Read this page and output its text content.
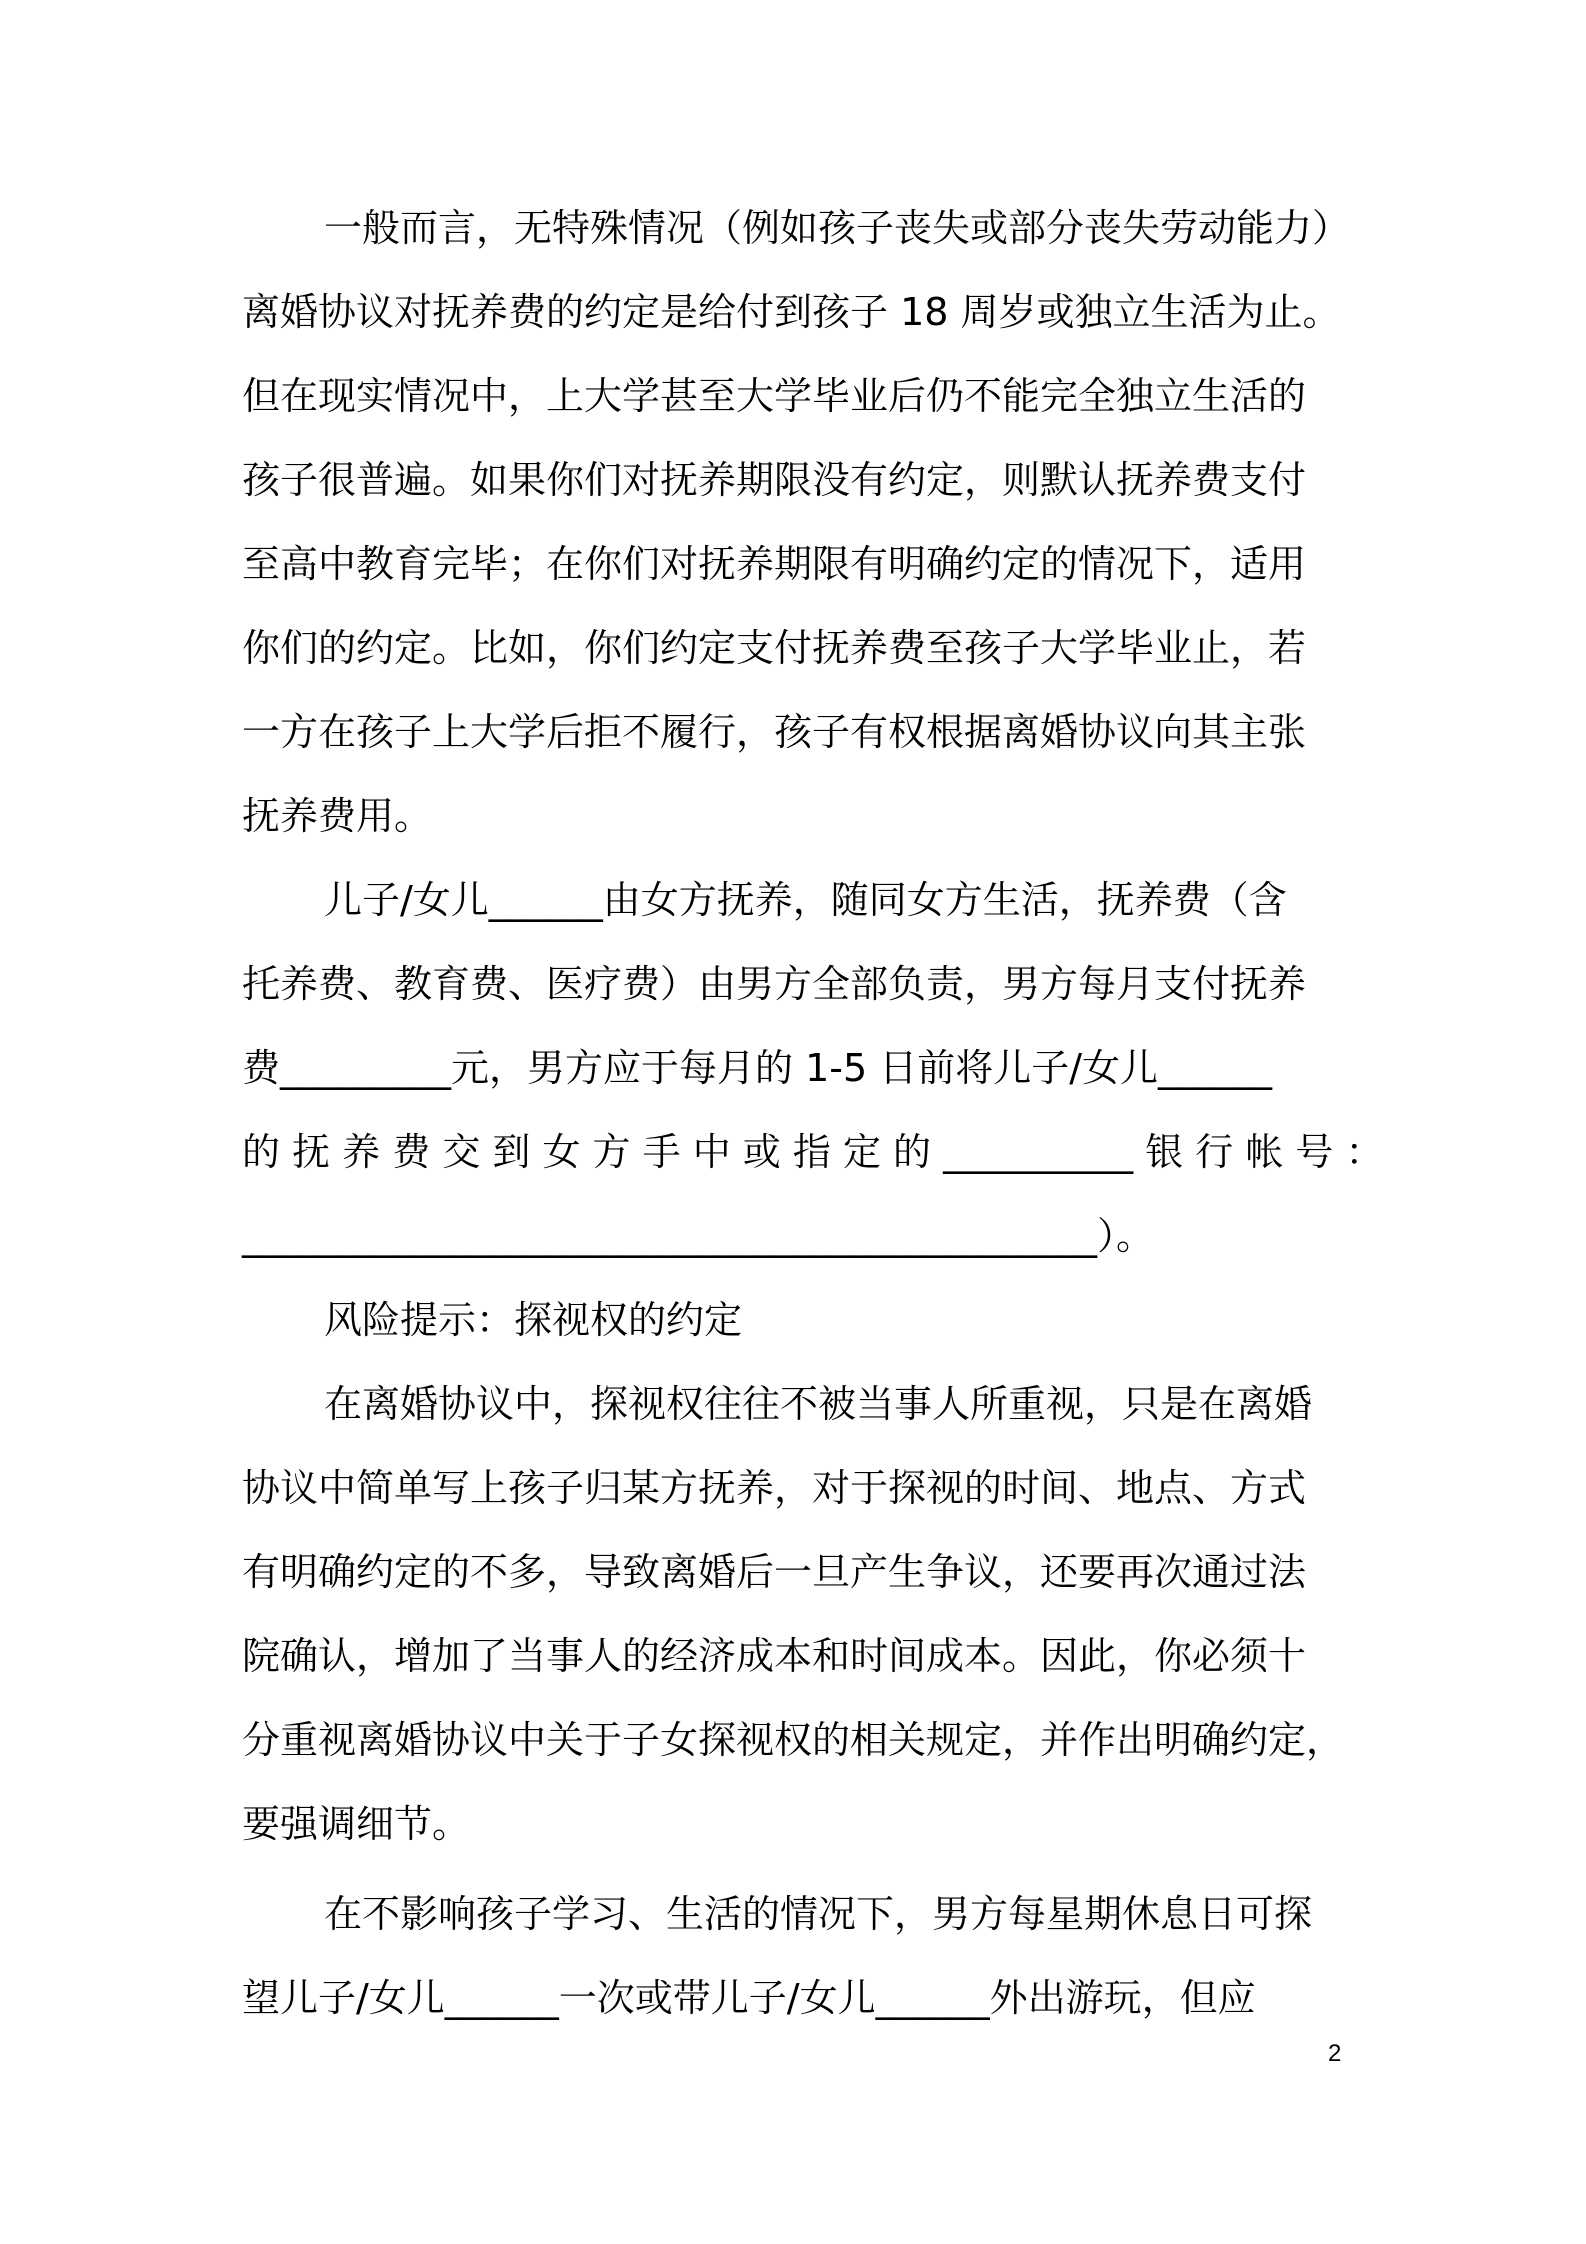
一般而言，无特殊情况（例如孩子丧失或部分丧失劳动能力）
离婚协议对抚养费的约定是给付到孩子 18 周岁或独立生活为止。
但在现实情况中，上大学甚至大学毕业后仍不能完全独立生活的
孩子很普遍。如果你们对抚养期限没有约定，则默认抚养费支付
至高中教育完毕；在你们对抚养期限有明确约定的情况下，适用
你们的约定。比如，你们约定支付抚养费至孩子大学毕业止，若
一方在孩子上大学后拒不履行，孩子有权根据离婚协议向其主张
抚养费用。
儿子/女儿______由女方抚养，随同女方生活，抚养费（含
托养费、教育费、医疗费）由男方全部负责，男方每月支付抚养
费_________元，男方应于每月的 1-5 日前将儿子/女儿______
的 抚 养 费 交 到 女 方 手 中 或 指 定 的 __________ 银 行 帐 号 ：
_____________________________________________）。
风险提示：探视权的约定
在离婚协议中，探视权往往不被当事人所重视，只是在离婚
协议中简单写上孩子归某方抚养，对于探视的时间、地点、方式
有明确约定的不多，导致离婚后一旦产生争议，还要再次通过法
院确认，增加了当事人的经济成本和时间成本。因此，你必须十
分重视离婚协议中关于子女探视权的相关规定，并作出明确约定，
要强调细节。
在不影响孩子学习、生活的情况下，男方每星期休息日可探
望儿子/女儿______一次或带儿子/女儿______外出游玩，但应
2
